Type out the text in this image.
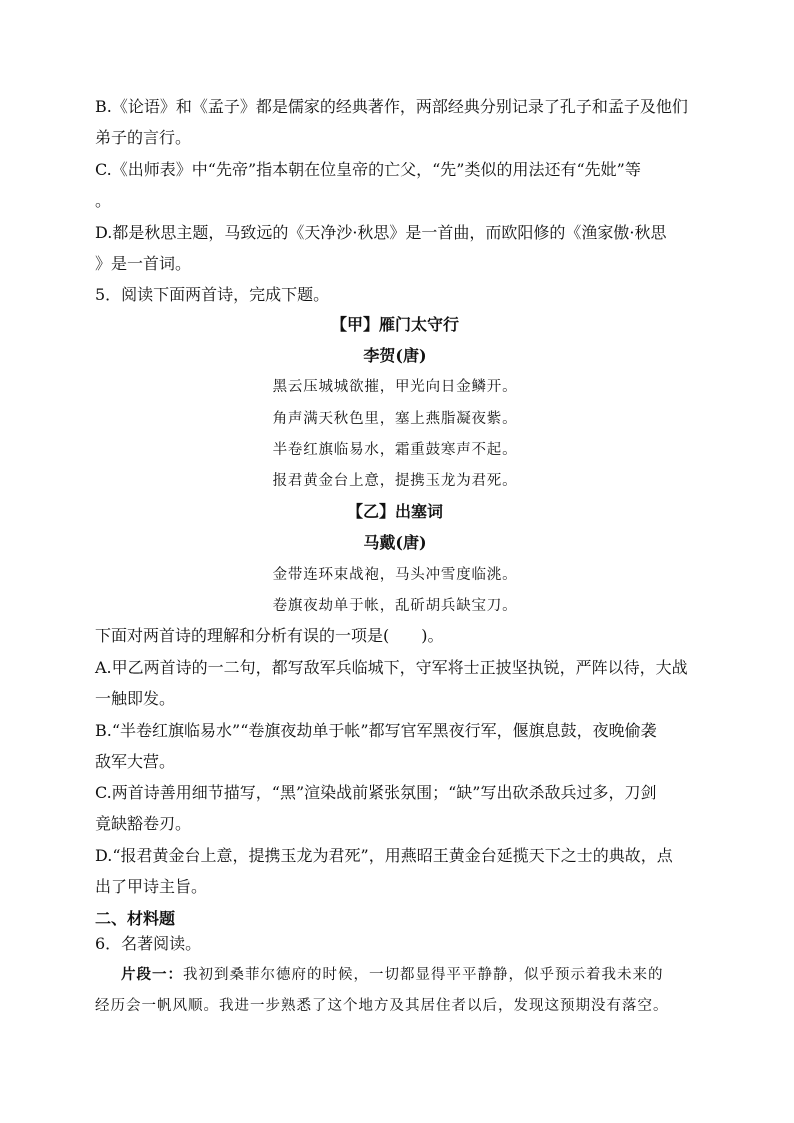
B.《论语》和《孟子》都是儒家的经典著作，两部经典分别记录了孔子和孟子及他们
弟子的言行。
C.《出师表》中“先帝”指本朝在位皇帝的亡父，“先”类似的用法还有“先妣”等
。
D.都是秋思主题，马致远的《天净沙·秋思》是一首曲，而欧阳修的《渔家傲·秋思
》是一首词。
5．阅读下面两首诗，完成下题。
【甲】雁门太守行
李贺(唐)
黑云压城城欲摧，甲光向日金鳞开。
角声满天秋色里，塞上燕脂凝夜紫。
半卷红旗临易水，霜重鼓寒声不起。
报君黄金台上意，提携玉龙为君死。
【乙】出塞词
马戴(唐)
金带连环束战袍，马头冲雪度临洮。
卷旗夜劫单于帐，乱斫胡兵缺宝刀。
下面对两首诗的理解和分析有误的一项是(　　)。
A.甲乙两首诗的一二句，都写敌军兵临城下，守军将士正披坚执锐，严阵以待，大战
一触即发。
B.“半卷红旗临易水”“卷旗夜劫单于帐”都写官军黑夜行军，偃旗息鼓，夜晚偷袭
敌军大营。
C.两首诗善用细节描写，“黑”渲染战前紧张氛围；“缺”写出砍杀敌兵过多，刀剑
竟缺豁卷刃。
D.“报君黄金台上意，提携玉龙为君死”，用燕昭王黄金台延揽天下之士的典故，点
出了甲诗主旨。
二、材料题
6．名著阅读。
片段一：我初到桑菲尔德府的时候，一切都显得平平静静，似乎预示着我未来的
经历会一帆风顺。我进一步熟悉了这个地方及其居住者以后，发现这预期没有落空。
